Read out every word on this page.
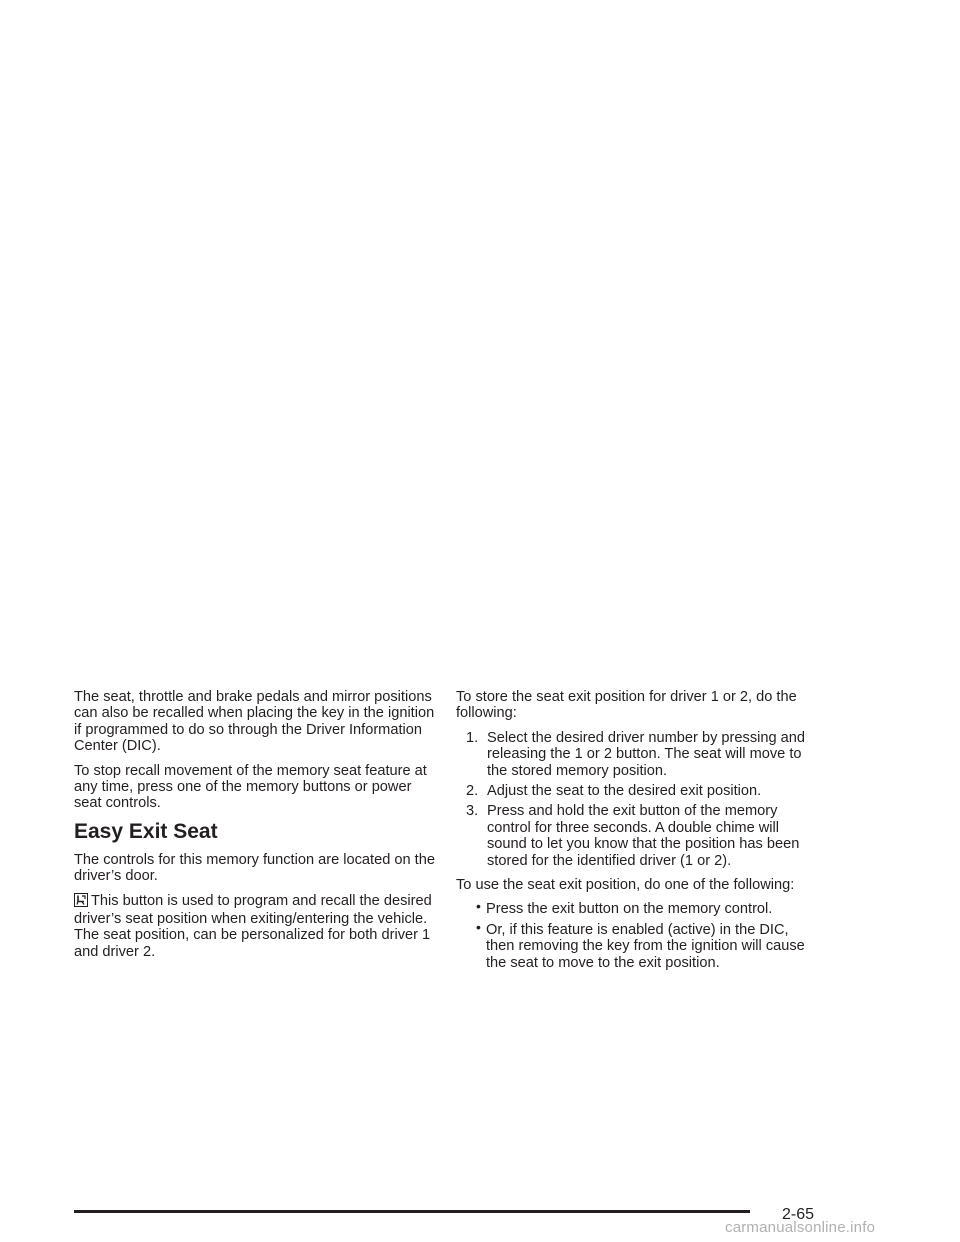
The seat, throttle and brake pedals and mirror positions can also be recalled when placing the key in the ignition if programmed to do so through the Driver Information Center (DIC).

To stop recall movement of the memory seat feature at any time, press one of the memory buttons or power seat controls.

Easy Exit Seat

The controls for this memory function are located on the driver’s door.

This button is used to program and recall the desired driver’s seat position when exiting/entering the vehicle. The seat position, can be personalized for both driver 1 and driver 2.

To store the seat exit position for driver 1 or 2, do the following:

1. Select the desired driver number by pressing and releasing the 1 or 2 button. The seat will move to the stored memory position.
2. Adjust the seat to the desired exit position.
3. Press and hold the exit button of the memory control for three seconds. A double chime will sound to let you know that the position has been stored for the identified driver (1 or 2).

To use the seat exit position, do one of the following:

• Press the exit button on the memory control.
• Or, if this feature is enabled (active) in the DIC, then removing the key from the ignition will cause the seat to move to the exit position.
2-65
carmanualsonline.info
